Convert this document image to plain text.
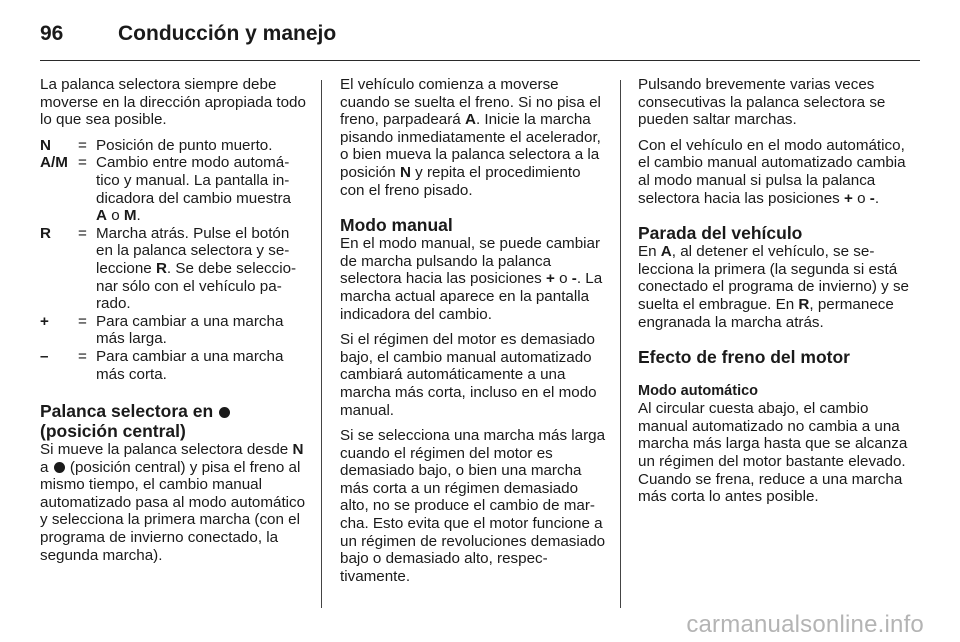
96	Conducción y manejo

La palanca selectora siempre debe moverse en la dirección apropiada todo lo que sea posible.

N	= Posición de punto muerto.
A/M = Cambio entre modo automático y manual. La pantalla indicadora del cambio muestra A o M.
R	= Marcha atrás. Pulse el botón en la palanca selectora y seleccione R. Se debe seleccionar sólo con el vehículo parado.
+	= Para cambiar a una marcha más larga.
–	= Para cambiar a una marcha más corta.
Palanca selectora en
(posición central)

Si mueve la palanca selectora desde N a  (posición central) y pisa el freno al mismo tiempo, el cambio manual automatizado pasa al modo automático y selecciona la primera marcha (con el programa de invierno conectado, la segunda marcha).

El vehículo comienza a moverse cuando se suelta el freno. Si no pisa el freno, parpadeará A. Inicie la marcha pisando inmediatamente el acelerador, o bien mueva la palanca selectora a la posición N y repita el procedimiento con el freno pisado.

Modo manual

En el modo manual, se puede cambiar de marcha pulsando la palanca selectora hacia las posiciones + o -. La marcha actual aparece en la pantalla indicadora del cambio.

Si el régimen del motor es demasiado bajo, el cambio manual automatizado cambiará automáticamente a una marcha más corta, incluso en el modo manual.

Si se selecciona una marcha más larga cuando el régimen del motor es demasiado bajo, o bien una marcha más corta a un régimen demasiado alto, no se produce el cambio de marcha. Esto evita que el motor funcione a un régimen de revoluciones demasiado bajo o demasiado alto, respectivamente.

Pulsando brevemente varias veces consecutivas la palanca selectora se pueden saltar marchas.

Con el vehículo en el modo automático, el cambio manual automatizado cambia al modo manual si pulsa la palanca selectora hacia las posiciones + o -.

Parada del vehículo

En A, al detener el vehículo, se selecciona la primera (la segunda si está conectado el programa de invierno) y se suelta el embrague. En R, permanece engranada la marcha atrás.

Efecto de freno del motor
Modo automático

Al circular cuesta abajo, el cambio manual automatizado no cambia a una marcha más larga hasta que se alcanza un régimen del motor bastante elevado. Cuando se frena, reduce a una marcha más corta lo antes posible.

carmanualsonline.info
